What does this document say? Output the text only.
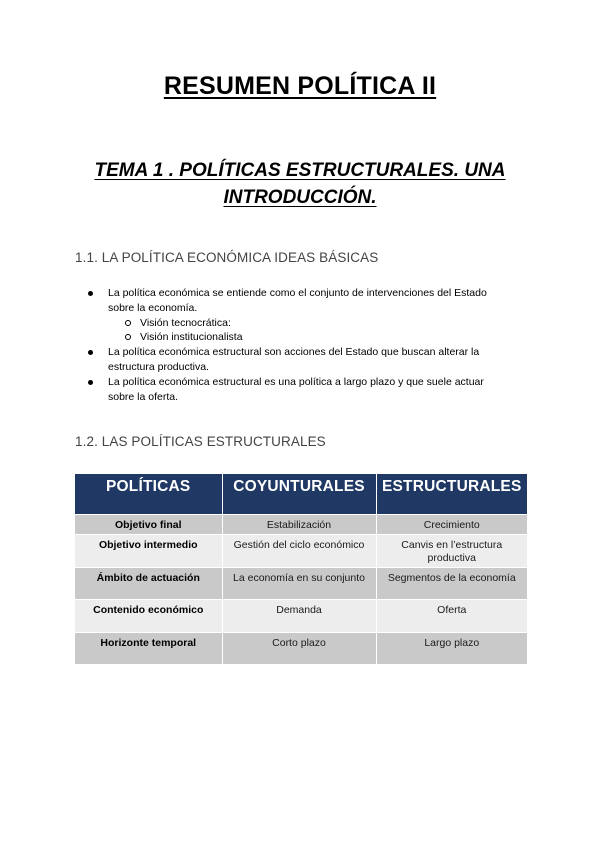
RESUMEN POLÍTICA II
TEMA 1 . POLÍTICAS ESTRUCTURALES. UNA
INTRODUCCIÓN.
1.1. LA POLÍTICA ECONÓMICA IDEAS BÁSICAS
La política económica se entiende como el conjunto de intervenciones del Estado
sobre la economía.
Visión tecnocrática:
Visión institucionalista
La política económica estructural son acciones del Estado que buscan alterar la
estructura productiva.
La política económica estructural es una política a largo plazo y que suele actuar
sobre la oferta.
1.2. LAS POLÍTICAS ESTRUCTURALES
POLÍTICAS	COYUNTURALES	ESTRUCTURALES
Objetivo final	Estabilización	Crecimiento
Objetivo intermedio	Gestión del ciclo económico	Canvis en l’estructura
productiva
Ámbito de actuación	La economía en su conjunto	Segmentos de la economía
Contenido económico	Demanda	Oferta
Horizonte temporal	Corto plazo	Largo plazo
